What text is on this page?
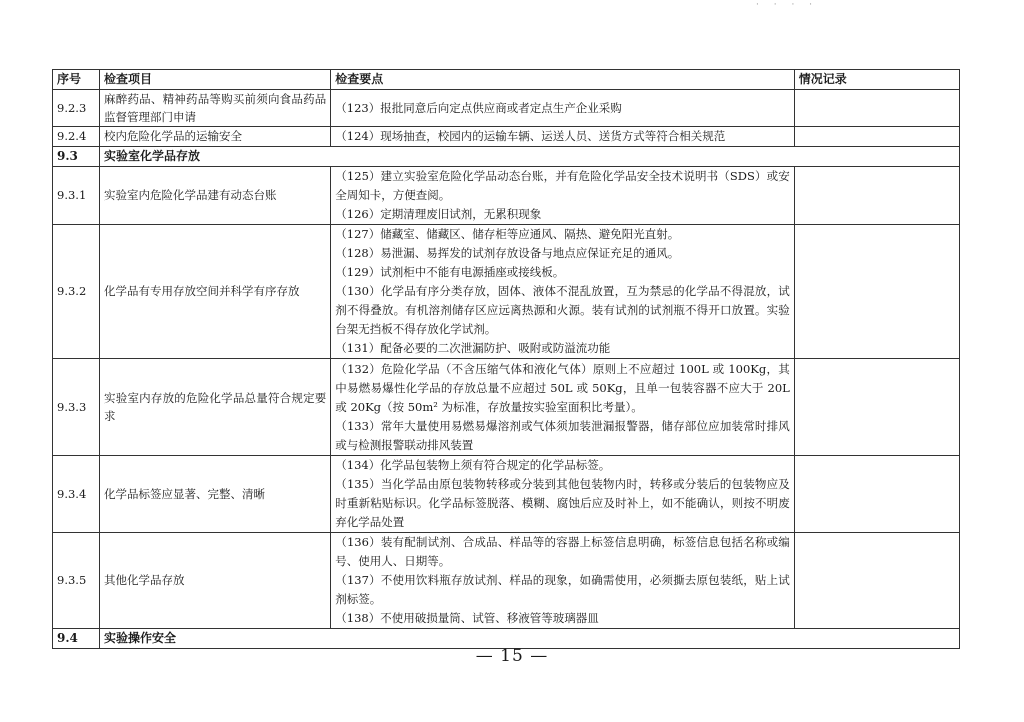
· · · ·
序号	检查项目	检查要点	情况记录
9.2.3	麻醉药品、精神药品等购买前须向食品药品监督管理部门申请	（123）报批同意后向定点供应商或者定点生产企业采购	

9.2.4	校内危险化学品的运输安全	（124）现场抽查，校园内的运输车辆、运送人员、送货方式等符合相关规范	

9.3	实验室化学品存放		
9.3.1	实验室内危险化学品建有动态台账	（125）建立实验室危险化学品动态台账，并有危险化学品安全技术说明书（SDS）或安全周知卡，方便查阅。
（126）定期清理废旧试剂，无累积现象	

9.3.2	化学品有专用存放空间并科学有序存放	（127）储藏室、储藏区、储存柜等应通风、隔热、避免阳光直射。
（128）易泄漏、易挥发的试剂存放设备与地点应保证充足的通风。
（129）试剂柜中不能有电源插座或接线板。
（130）化学品有序分类存放，固体、液体不混乱放置，互为禁忌的化学品不得混放，试剂不得叠放。有机溶剂储存区应远离热源和火源。装有试剂的试剂瓶不得开口放置。实验台架无挡板不得存放化学试剂。
（131）配备必要的二次泄漏防护、吸附或防溢流功能	

9.3.3	实验室内存放的危险化学品总量符合规定要求	（132）危险化学品（不含压缩气体和液化气体）原则上不应超过 100L 或 100Kg，其中易燃易爆性化学品的存放总量不应超过 50L 或 50Kg，且单一包装容器不应大于 20L 或 20Kg（按 50m² 为标准，存放量按实验室面积比考量）。
（133）常年大量使用易燃易爆溶剂或气体须加装泄漏报警器，储存部位应加装常时排风或与检测报警联动排风装置	

9.3.4	化学品标签应显著、完整、清晰	（134）化学品包装物上须有符合规定的化学品标签。
（135）当化学品由原包装物转移或分装到其他包装物内时，转移或分装后的包装物应及时重新粘贴标识。化学品标签脱落、模糊、腐蚀后应及时补上，如不能确认，则按不明废弃化学品处置	

9.3.5	其他化学品存放	（136）装有配制试剂、合成品、样品等的容器上标签信息明确，标签信息包括名称或编号、使用人、日期等。
（137）不使用饮料瓶存放试剂、样品的现象，如确需使用，必须撕去原包装纸，贴上试剂标签。
（138）不使用破损量筒、试管、移液管等玻璃器皿	

9.4	实验操作安全		
— 15 —
